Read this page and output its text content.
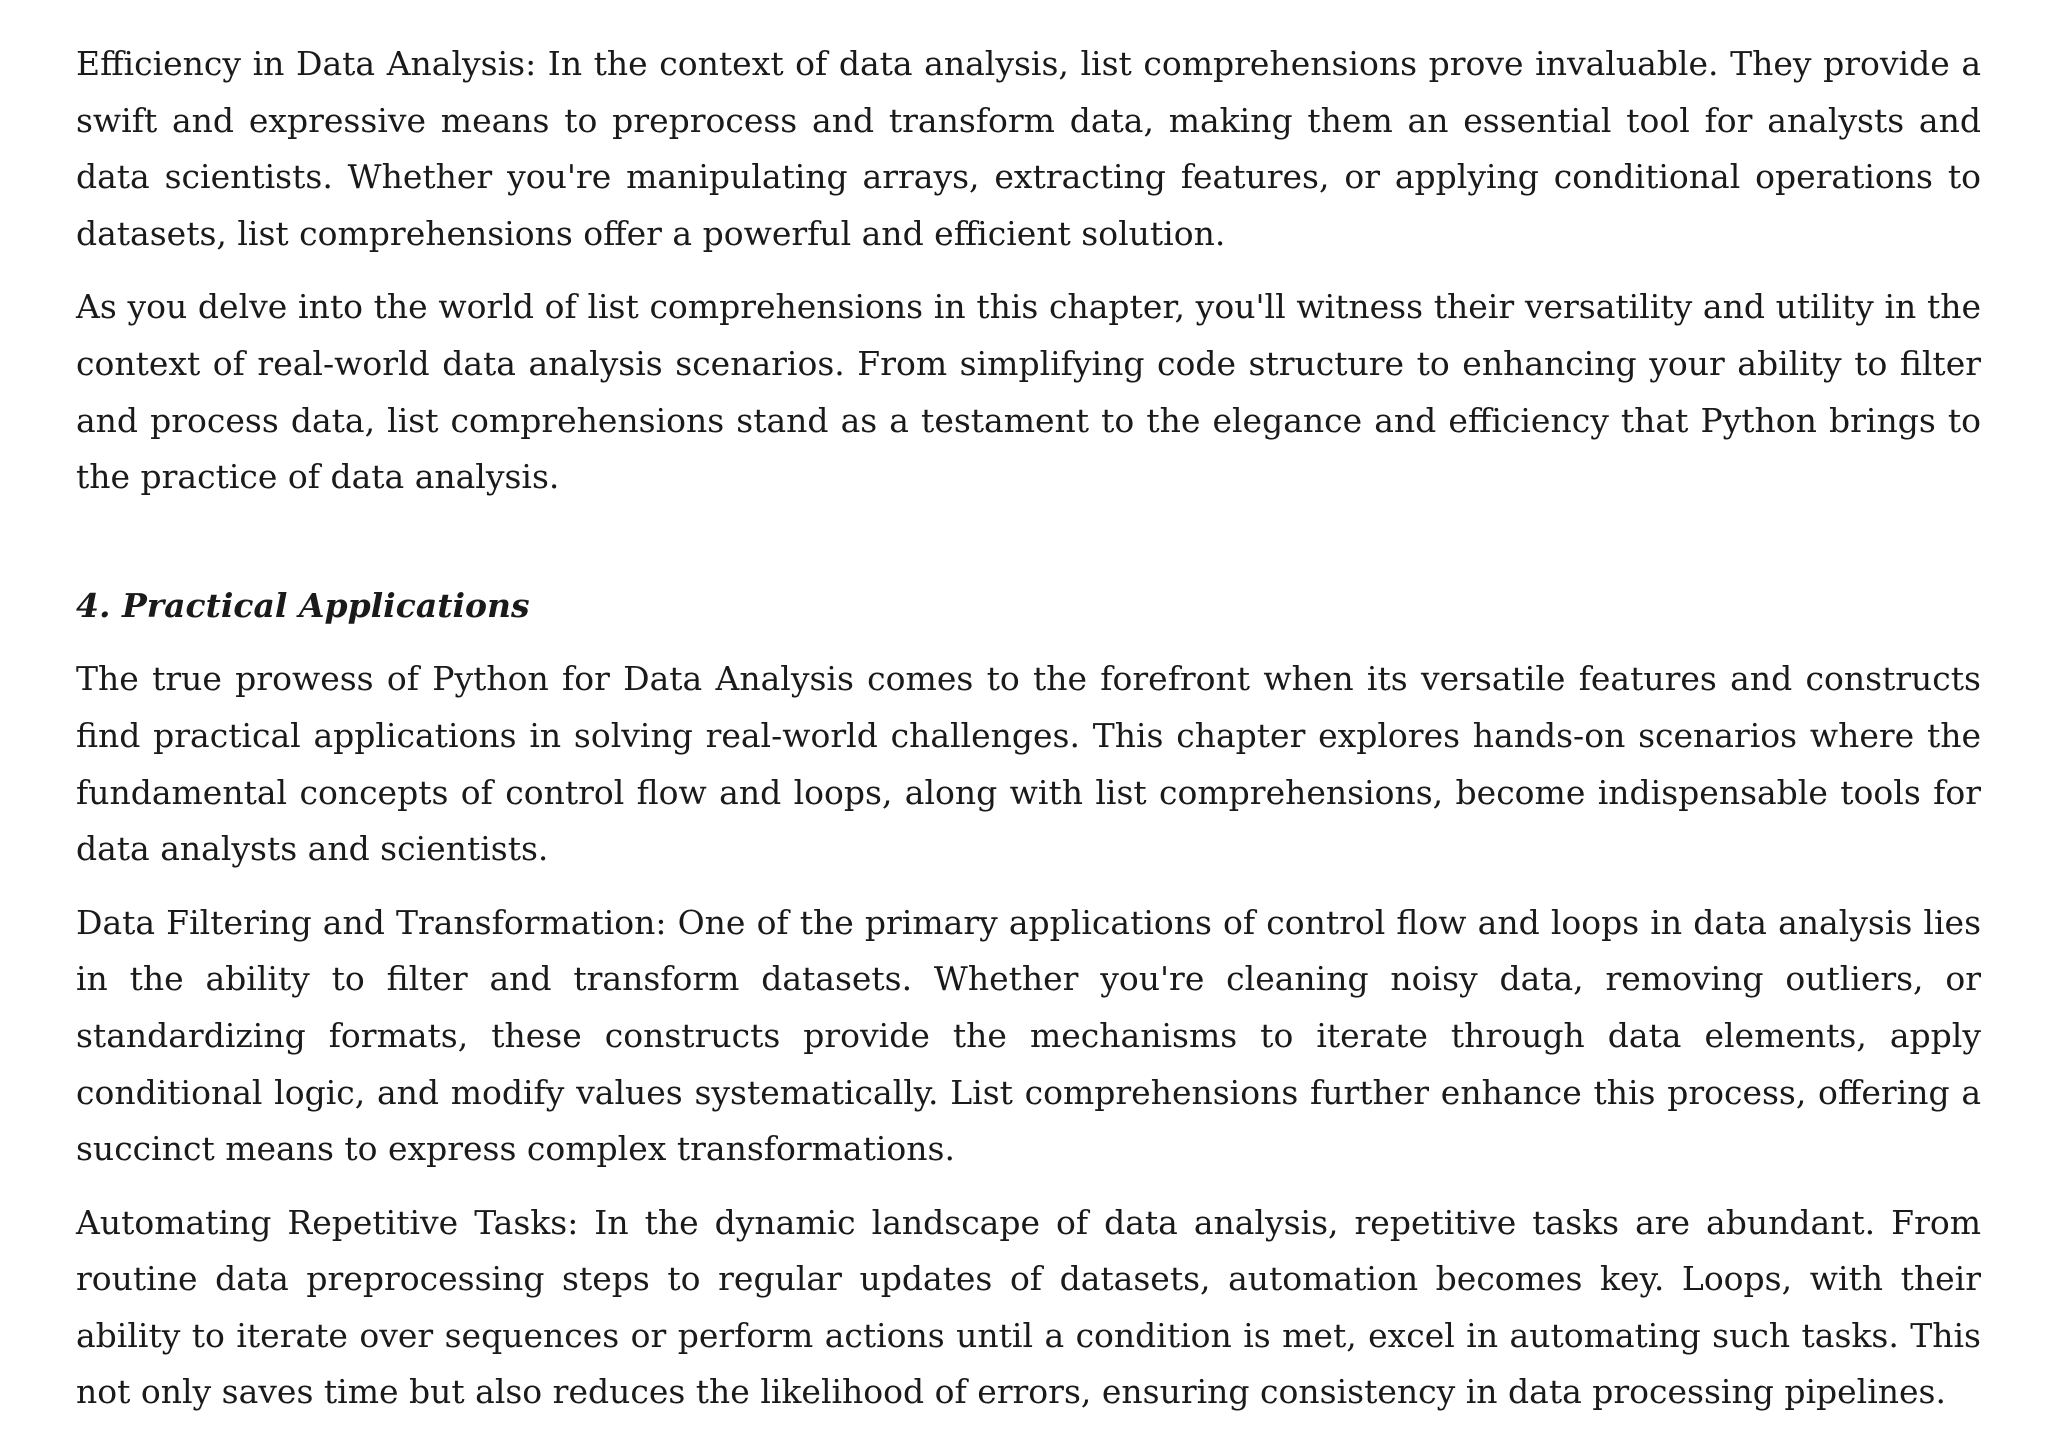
Efficiency in Data Analysis: In the context of data analysis, list comprehensions prove invaluable. They provide a swift and expressive means to preprocess and transform data, making them an essential tool for analysts and data scientists. Whether you're manipulating arrays, extracting features, or applying conditional operations to datasets, list comprehensions offer a powerful and efficient solution.

As you delve into the world of list comprehensions in this chapter, you'll witness their versatility and utility in the context of real-world data analysis scenarios. From simplifying code structure to enhancing your ability to filter and process data, list comprehensions stand as a testament to the elegance and efficiency that Python brings to the practice of data analysis.

4. Practical Applications

The true prowess of Python for Data Analysis comes to the forefront when its versatile features and constructs find practical applications in solving real-world challenges. This chapter explores hands-on scenarios where the fundamental concepts of control flow and loops, along with list comprehensions, become indispensable tools for data analysts and scientists.

Data Filtering and Transformation: One of the primary applications of control flow and loops in data analysis lies in the ability to filter and transform datasets. Whether you're cleaning noisy data, removing outliers, or standardizing formats, these constructs provide the mechanisms to iterate through data elements, apply conditional logic, and modify values systematically. List comprehensions further enhance this process, offering a succinct means to express complex transformations.

Automating Repetitive Tasks: In the dynamic landscape of data analysis, repetitive tasks are abundant. From routine data preprocessing steps to regular updates of datasets, automation becomes key. Loops, with their ability to iterate over sequences or perform actions until a condition is met, excel in automating such tasks. This not only saves time but also reduces the likelihood of errors, ensuring consistency in data processing pipelines.
